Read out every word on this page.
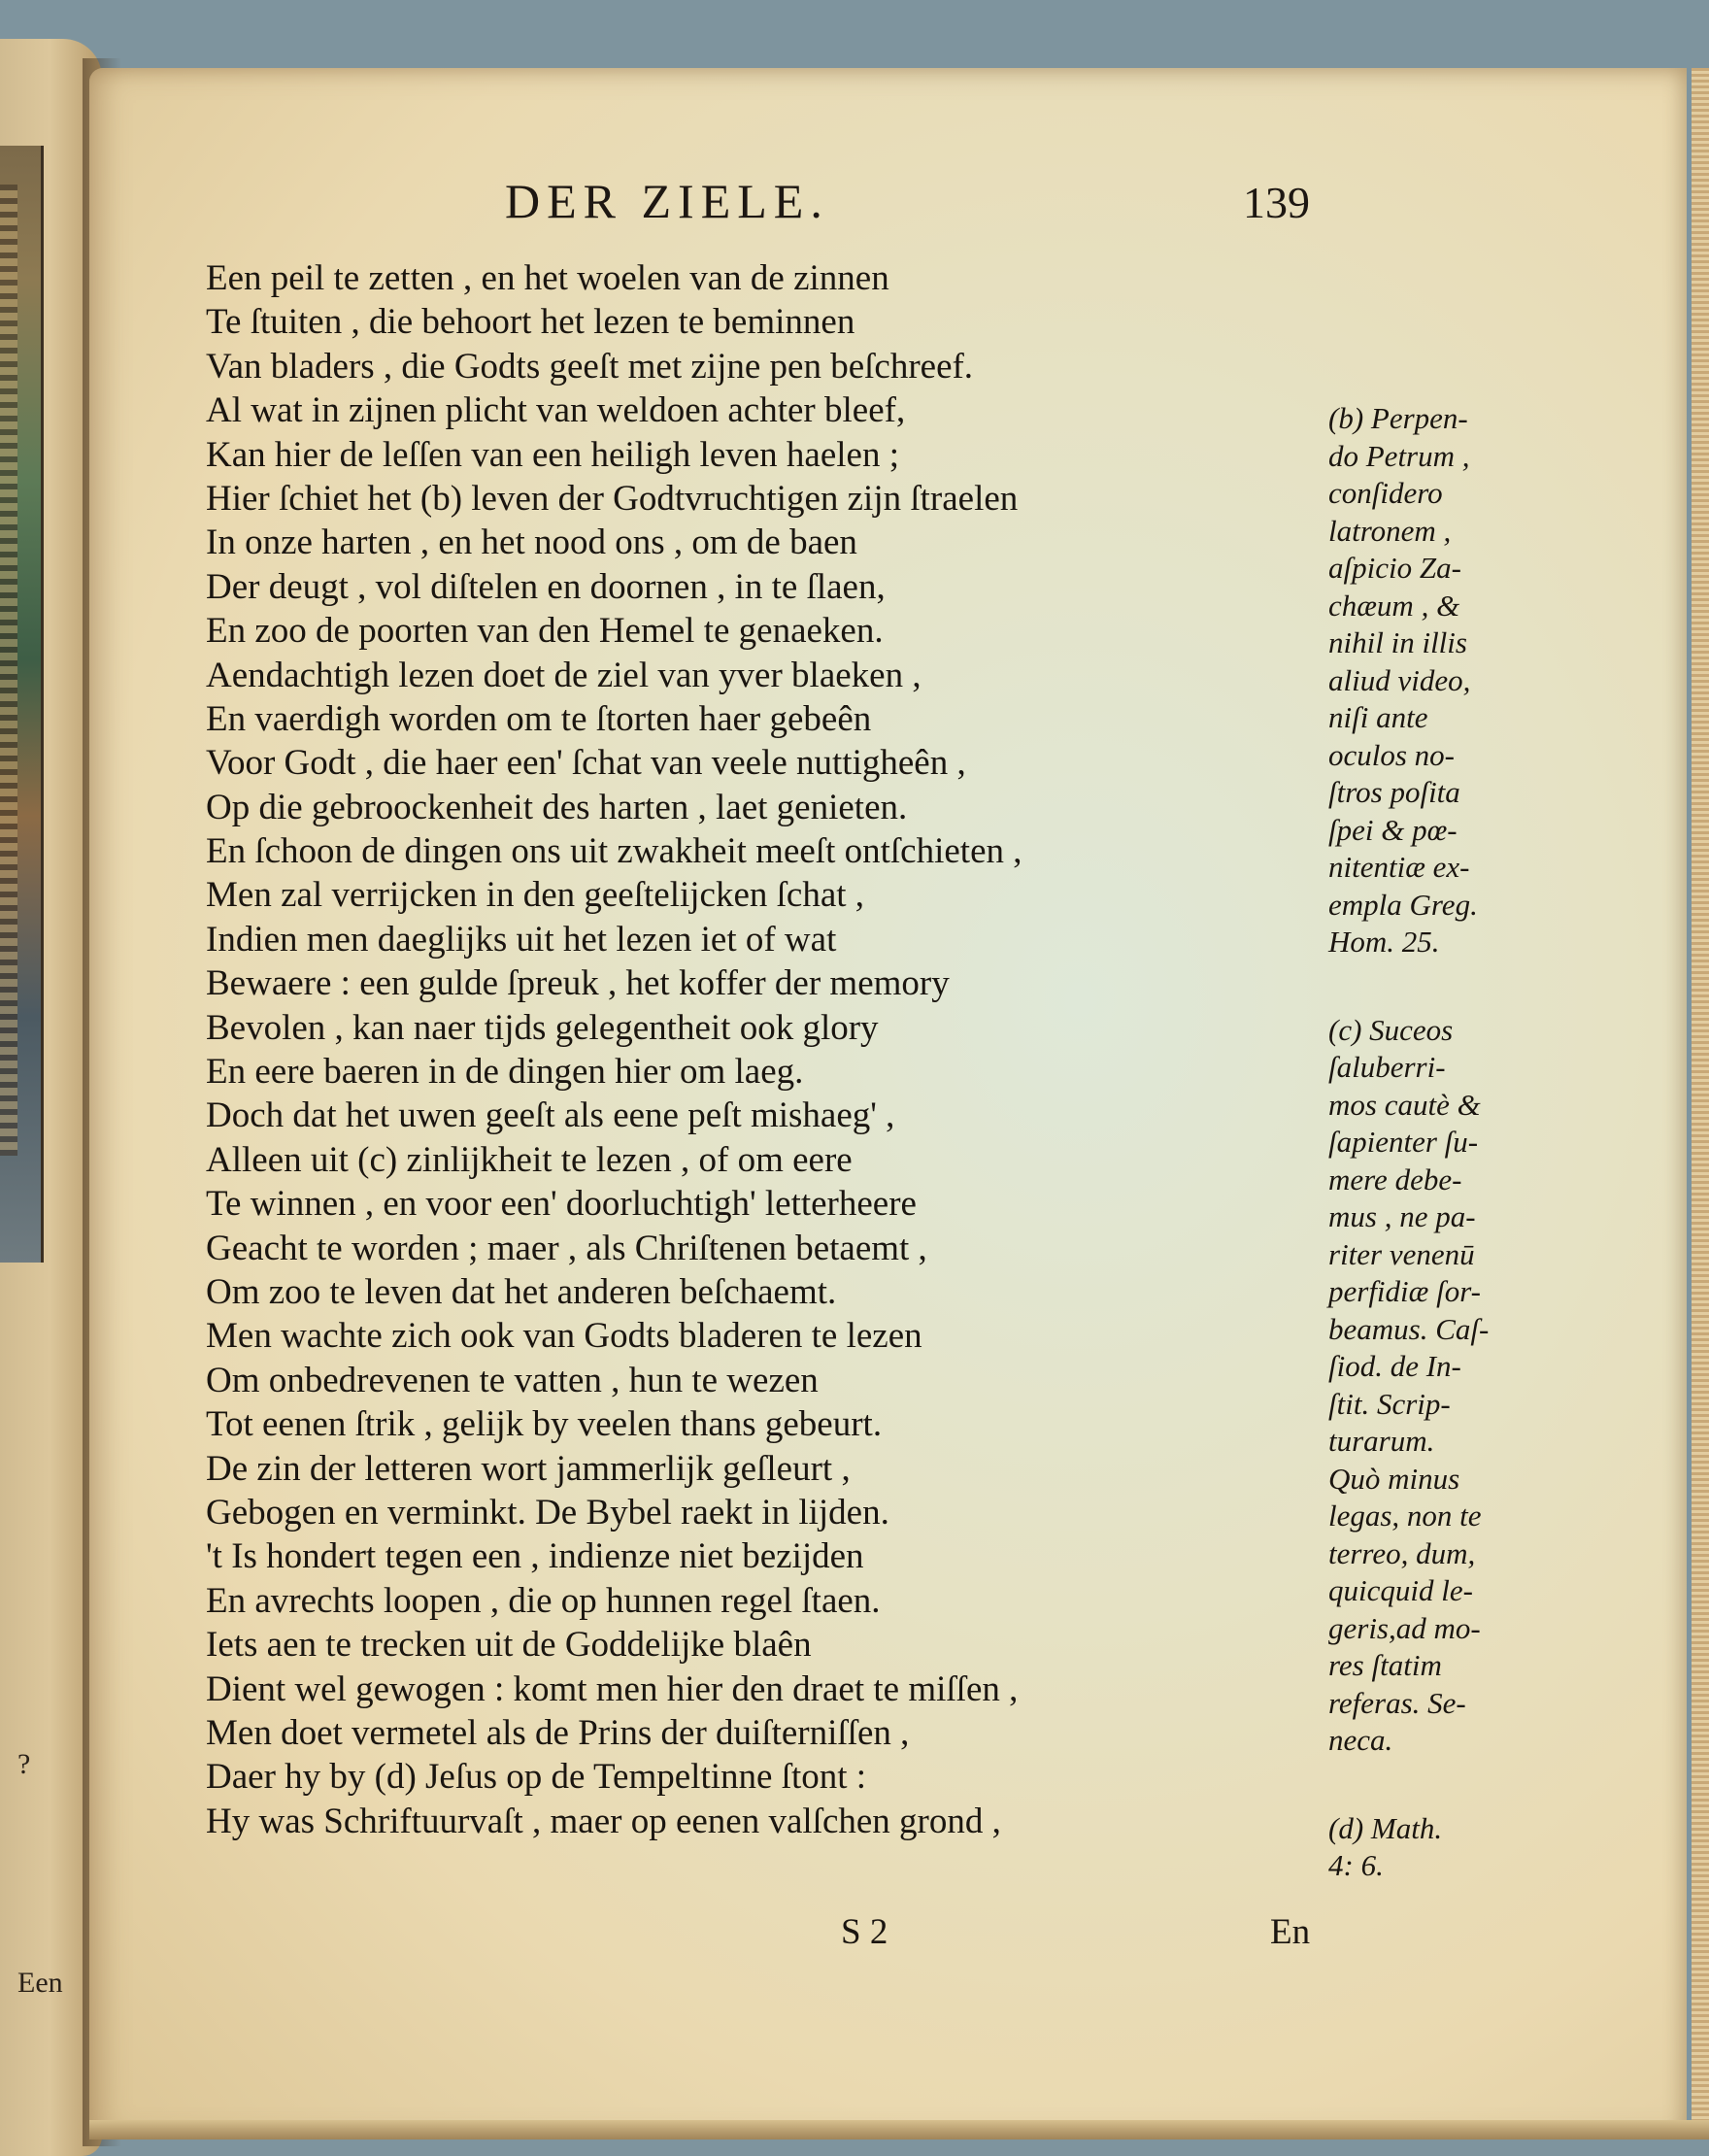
?
Een
DER ZIELE.	139
Een peil te zetten , en het woelen van de zinnen
Te ſtuiten , die behoort het lezen te beminnen
Van bladers , die Godts geeſt met zijne pen beſchreef.
Al wat in zijnen plicht van weldoen achter bleef,
Kan hier de leſſen van een heiligh leven haelen ;
Hier ſchiet het (b) leven der Godtvruchtigen zijn ſtraelen
In onze harten , en het nood ons , om de baen
Der deugt , vol diſtelen en doornen , in te ſlaen,
En zoo de poorten van den Hemel te genaeken.
Aendachtigh lezen doet de ziel van yver blaeken ,
En vaerdigh worden om te ſtorten haer gebeên
Voor Godt , die haer een' ſchat van veele nuttigheên ,
Op die gebroockenheit des harten , laet genieten.
En ſchoon de dingen ons uit zwakheit meeſt ontſchieten ,
Men zal verrijcken in den geeſtelijcken ſchat ,
Indien men daeglijks uit het lezen iet of wat
Bewaere : een gulde ſpreuk , het koffer der memory
Bevolen , kan naer tijds gelegentheit ook glory
En eere baeren in de dingen hier om laeg.
Doch dat het uwen geeſt als eene peſt mishaeg' ,
Alleen uit (c) zinlijkheit te lezen , of om eere
Te winnen , en voor een' doorluchtigh' letterheere
Geacht te worden ; maer , als Chriſtenen betaemt ,
Om zoo te leven dat het anderen beſchaemt.
Men wachte zich ook van Godts bladeren te lezen
Om onbedrevenen te vatten , hun te wezen
Tot eenen ſtrik , gelijk by veelen thans gebeurt.
De zin der letteren wort jammerlijk geſleurt ,
Gebogen en verminkt. De Bybel raekt in lijden.
't Is hondert tegen een , indienze niet bezijden
En avrechts loopen , die op hunnen regel ſtaen.
Iets aen te trecken uit de Goddelijke blaên
Dient wel gewogen : komt men hier den draet te miſſen ,
Men doet vermetel als de Prins der duiſterniſſen ,
Daer hy by (d) Jeſus op de Tempeltinne ſtont :
Hy was Schriftuurvaſt , maer op eenen valſchen grond ,
(b) Perpen-
do Petrum ,
conſidero
latronem ,
aſpicio Za-
chæum , &
nihil in illis
aliud video,
niſi ante
oculos no-
ſtros poſita
ſpei & pœ-
nitentiæ ex-
empla Greg.
Hom. 25.
(c) Suceos
ſaluberri-
mos cautè &
ſapienter ſu-
mere debe-
mus , ne pa-
riter venenū
perfidiæ ſor-
beamus. Caſ-
ſiod. de In-
ſtit. Scrip-
turarum.
Quò minus
legas, non te
terreo, dum,
quicquid le-
geris,ad mo-
res ſtatim
referas. Se-
neca.
(d) Math.
4: 6.
S 2	En
